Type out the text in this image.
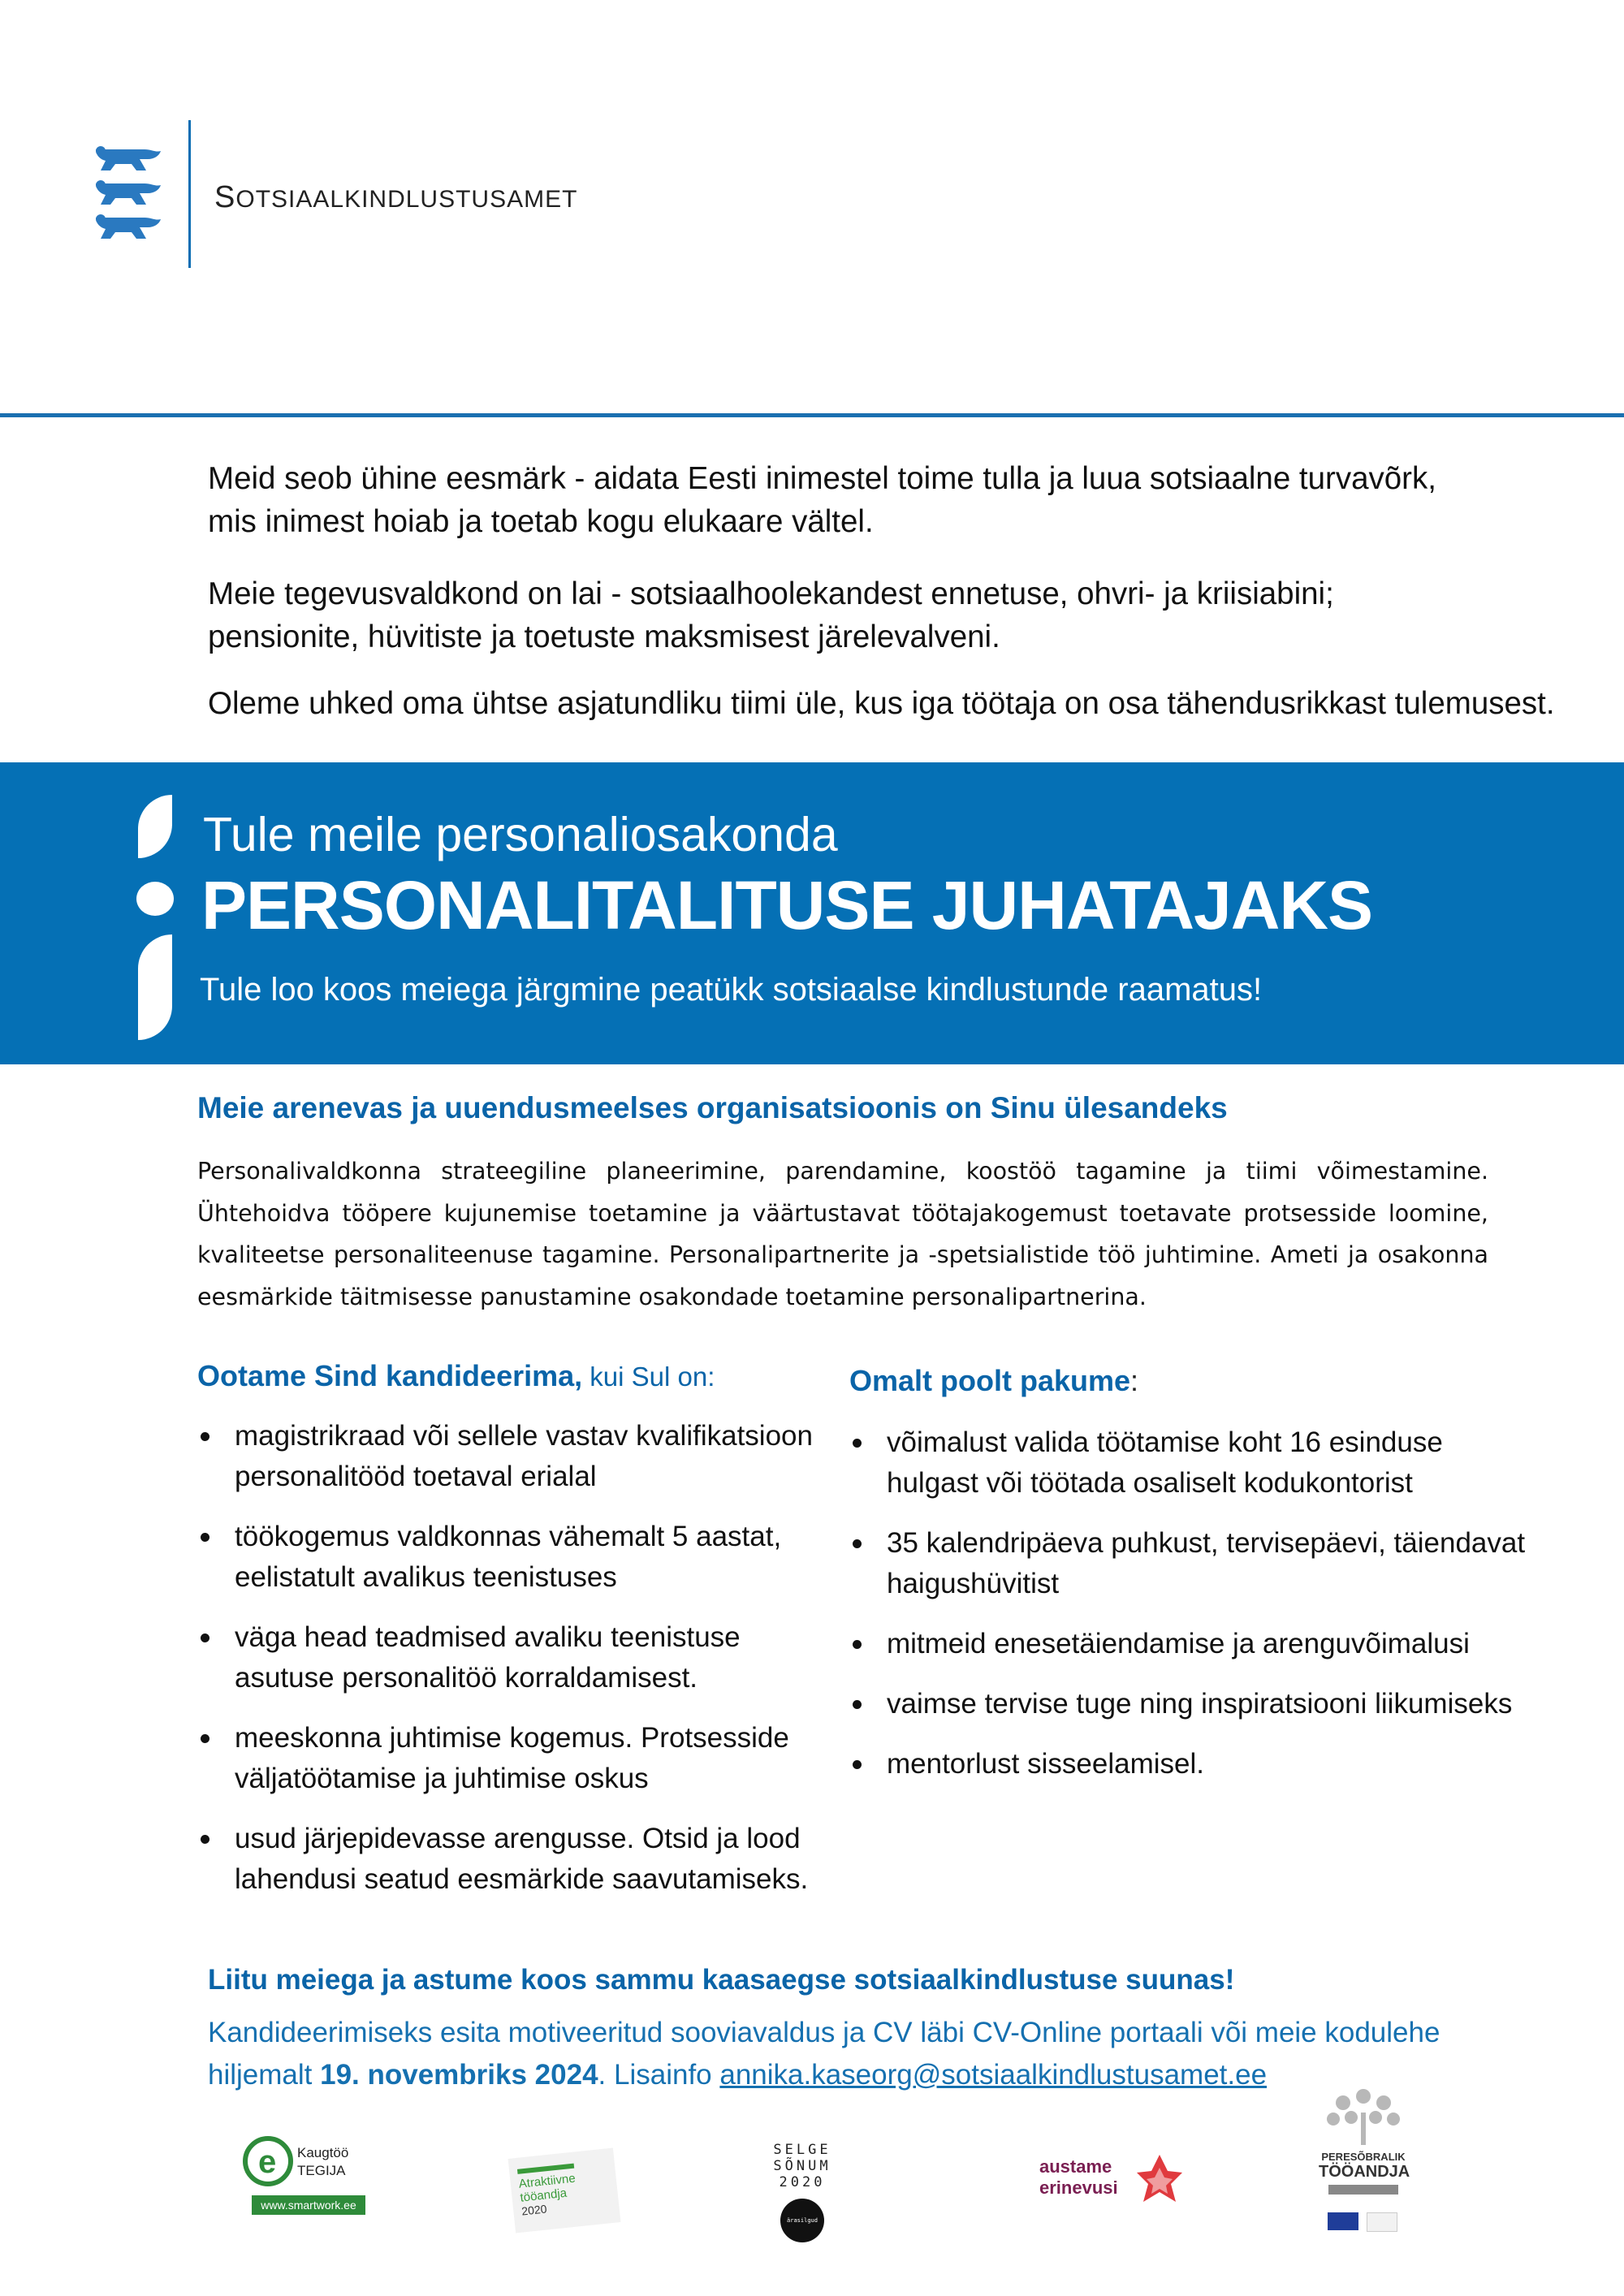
SOTSIAALKINDLUSTUSAMET
Meid seob ühine eesmärk - aidata Eesti inimestel toime tulla ja luua sotsiaalne turvavõrk,
mis inimest hoiab ja toetab kogu elukaare vältel.
Meie tegevusvaldkond on lai - sotsiaalhoolekandest ennetuse, ohvri- ja kriisiabini;
pensionite, hüvitiste ja toetuste maksmisest järelevalveni.
Oleme uhked oma ühtse asjatundliku tiimi üle, kus iga töötaja on osa tähendusrikkast tulemusest.
Tule meile personaliosakonda
PERSONALITALITUSE JUHATAJAKS
Tule loo koos meiega järgmine peatükk sotsiaalse kindlustunde raamatus!
Meie arenevas ja uuendusmeelses organisatsioonis on Sinu ülesandeks
Personalivaldkonna strateegiline planeerimine, parendamine, koostöö tagamine ja tiimi võimestamine. Ühtehoidva tööpere kujunemise toetamine ja väärtustavat töötajakogemust toetavate protsesside loomine, kvaliteetse personaliteenuse tagamine. Personalipartnerite ja -spetsialistide töö juhtimine. Ameti ja osakonna eesmärkide täitmisesse panustamine osakondade toetamine personalipartnerina.
Ootame Sind kandideerima, kui Sul on:
magistrikraad või sellele vastav kvalifikatsioon
personalitööd toetaval erialal
töökogemus valdkonnas vähemalt 5 aastat,
eelistatult avalikus teenistuses
väga head teadmised avaliku teenistuse
asutuse personalitöö korraldamisest.
meeskonna juhtimise kogemus. Protsesside
väljatöötamise ja juhtimise oskus
usud järjepidevasse arengusse. Otsid ja lood
lahendusi seatud eesmärkide saavutamiseks.
Omalt poolt pakume:
võimalust valida töötamise koht 16 esinduse
hulgast või töötada osaliselt kodukontorist
35 kalendripäeva puhkust, tervisepäevi, täiendavat
haigushüvitist
mitmeid enesetäiendamise ja arenguvõimalusi
vaimse tervise tuge ning inspiratsiooni liikumiseks
mentorlust sisseelamisel.
Liitu meiega ja astume koos sammu kaasaegse sotsiaalkindlustuse suunas!
Kandideerimiseks esita motiveeritud sooviavaldus ja CV läbi CV-Online portaali või meie kodulehe
hiljemalt 19. novembriks 2024. Lisainfo annika.kaseorg@sotsiaalkindlustusamet.ee
e Kaugtöö
TEGIJA
www.smartwork.ee
Atraktiivne
tööandja
2020
SELGE
SÕNUM
2020
ärasilgud töö
austame
erinevusi
PERESÕBRALIK
TÖÖANDJA
